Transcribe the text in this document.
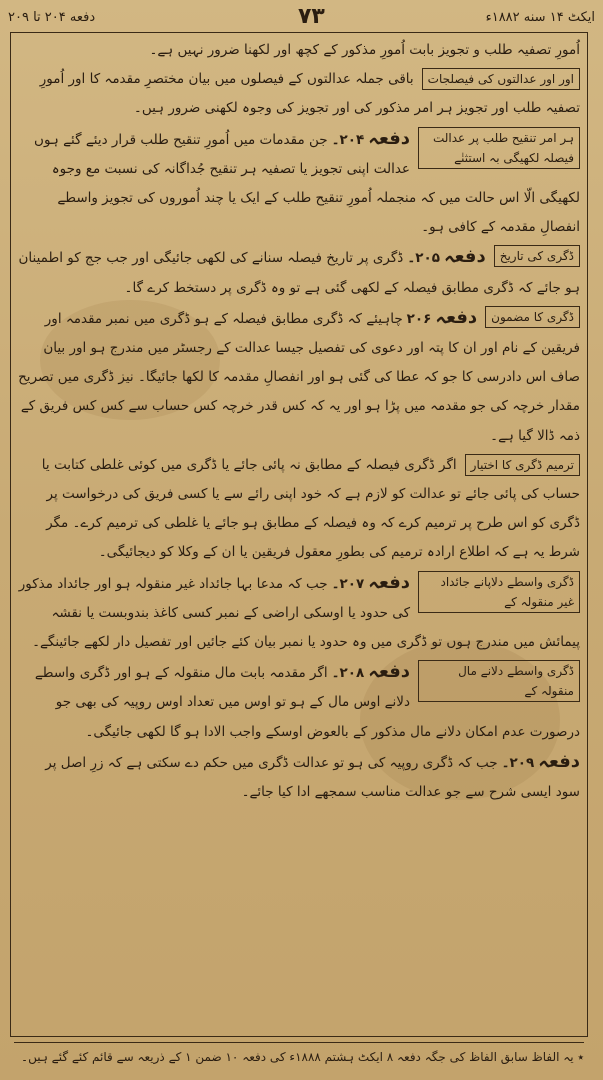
دفعه ۲۰۴ تا ۲۰۹	۷۳	ایکٹ ۱۴ سنه ۱۸۸۲ء

اُمورِ تصفیہ طلب و تجویز بابت اُمورِ مذکور کے کچھ اور لکھنا ضرور نہیں ہے۔

اور اور عدالتوں کی فیصلجات
باقی جملہ عدالتوں کے فیصلوں میں بیان مختصرِ مقدمہ کا اور اُمورِ تصفیہ طلب اور تجویز ہر امر مذکور کی اور تجویز کی وجوہ لکھنی ضرور ہیں۔

ہر امر تنقیح طلب پر عدالت فیصلہ لکھیگی بہ استثنٰے
دفعہ۲۰۴۔جن مقدمات میں اُمورِ تنقیح طلب قرار دیئے گئے ہوں عدالت اپنی تجویز یا تصفیہ ہر تنقیح جُداگانہ کی نسبت مع وجوہ لکھیگی الّا اس حالت میں کہ منجملہ اُمورِ تنقیح طلب کے ایک یا چند اُموروں کی تجویز واسطے انفصالِ مقدمہ کے کافی ہو۔

ڈگری کی تاریخ
دفعہ۲۰۵۔ڈگری پر تاریخ فیصلہ سنانے کی لکھی جائیگی اور جب جج کو اطمینان ہو جائے کہ ڈگری مطابق فیصلہ کے لکھی گئی ہے تو وہ ڈگری پر دستخط کرے گا۔

ڈگری کا مضمون
دفعہ۲۰۶چاہیئے کہ ڈگری مطابق فیصلہ کے ہو ڈگری میں نمبر مقدمہ اور فریقین کے نام اور ان کا پتہ اور دعوی کی تفصیل جیسا عدالت کے رجسٹر میں مندرج ہو اور بیان صاف اس دادرسی کا جو کہ عطا کی گئی ہو اور انفصالِ مقدمہ کا لکھا جائیگا۔ نیز ڈگری میں تصریح مقدار خرچہ کی جو مقدمہ میں پڑا ہو اور یہ کہ کس قدر خرچہ کس حساب سے کس کس فریق کے ذمہ ڈالا گیا ہے۔

ترمیم ڈگری کا اختیار
اگر ڈگری فیصلہ کے مطابق نہ پائی جائے یا ڈگری میں کوئی غلطی کتابت یا حساب کی پائی جائے تو عدالت کو لازم ہے کہ خود اپنی رائے سے یا کسی فریق کی درخواست پر ڈگری کو اس طرح پر ترمیم کرے کہ وہ فیصلہ کے مطابق ہو جائے یا غلطی کی ترمیم کرے۔ مگر شرط یہ ہے کہ اطلاع ارادہ ترمیم کی بطورِ معقول فریقین یا ان کے وکلا کو دیجائیگی۔

ڈگری واسطے دلاپانے جائداد غیر منقولہ کے
دفعہ۲۰۷۔جب کہ مدعا بہا جائداد غیر منقولہ ہو اور جائداد مذکور کی حدود یا اوسکی اراضی کے نمبر کسی کاغذ بندوبست یا نقشہ پیمائش میں مندرج ہوں تو ڈگری میں وہ حدود یا نمبر بیان کئے جائیں اور تفصیل دار لکھے جائینگے۔

ڈگری واسطے دلانے مال منقولہ کے
دفعہ۲۰۸۔اگر مقدمہ بابت مال منقولہ کے ہو اور ڈگری واسطے دلانے اوس مال کے ہو تو اوس میں تعداد اوس روپیہ کی بھی جو درصورت عدم امکان دلانے مال مذکور کے بالعوض اوسکے واجب الادا ہو گا لکھی جائیگی۔

دفعہ۲۰۹۔جب کہ ڈگری روپیہ کی ہو تو عدالت ڈگری میں حکم دے سکتی ہے کہ زرِ اصل پر سود ایسی شرح سے جو عدالت مناسب سمجھے ادا کیا جائے۔

٭ یہ الفاظ سابق الفاظ کی جگہ دفعہ ۸ ایکٹ ہشتم ۱۸۸۸ء کی دفعہ ۱۰ ضمن ۱ کے ذریعہ سے قائم کئے گئے ہیں۔
